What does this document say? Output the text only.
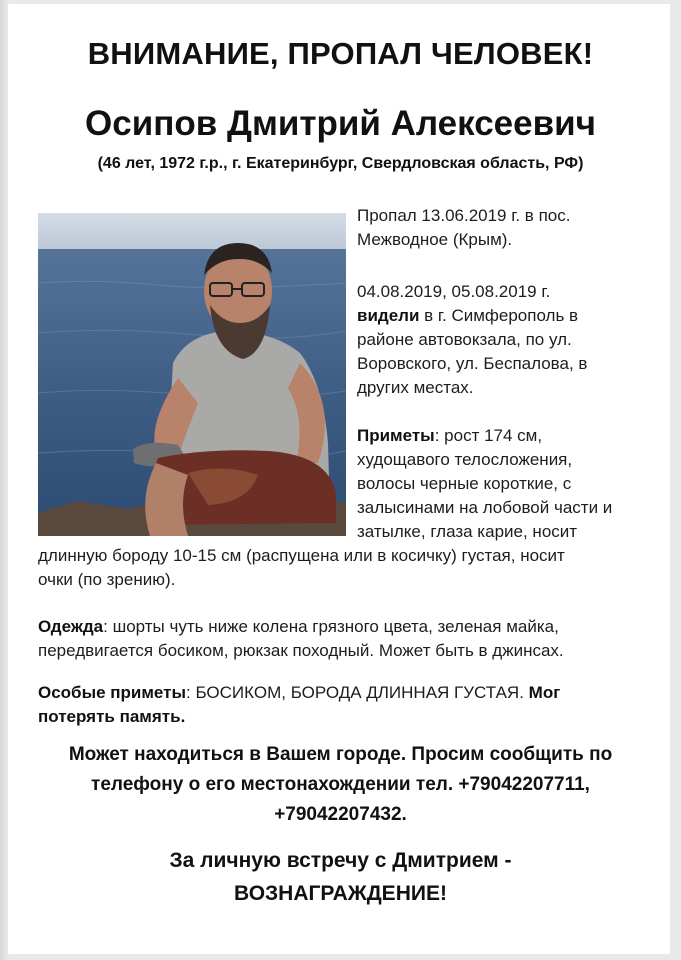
ВНИМАНИЕ, ПРОПАЛ ЧЕЛОВЕК!
Осипов Дмитрий Алексеевич
(46 лет, 1972 г.р., г. Екатеринбург, Свердловская область, РФ)

Пропал 13.06.2019 г. в пос.

Межводное (Крым).

04.08.2019, 05.08.2019 г.

видели в г. Симферополь в

районе автовокзала, по ул.

Воровского, ул. Беспалова, в

других местах.

Приметы: рост 174 см,

худощавого телосложения,

волосы черные короткие, с

залысинами на лобовой части и

затылке, глаза карие, носит

длинную бороду 10-15 см (распущена или в косичку) густая, носит

очки (по зрению).

Одежда: шорты чуть ниже колена грязного цвета, зеленая майка,

передвигается босиком, рюкзак походный. Может быть в джинсах.

Особые приметы: БОСИКОМ, БОРОДА ДЛИННАЯ ГУСТАЯ. Мог

потерять память.

Может находиться в Вашем городе. Просим сообщить по
телефону о его местонахождении тел. +79042207711,
+79042207432.
За личную встречу с Дмитрием -
ВОЗНАГРАЖДЕНИЕ!
